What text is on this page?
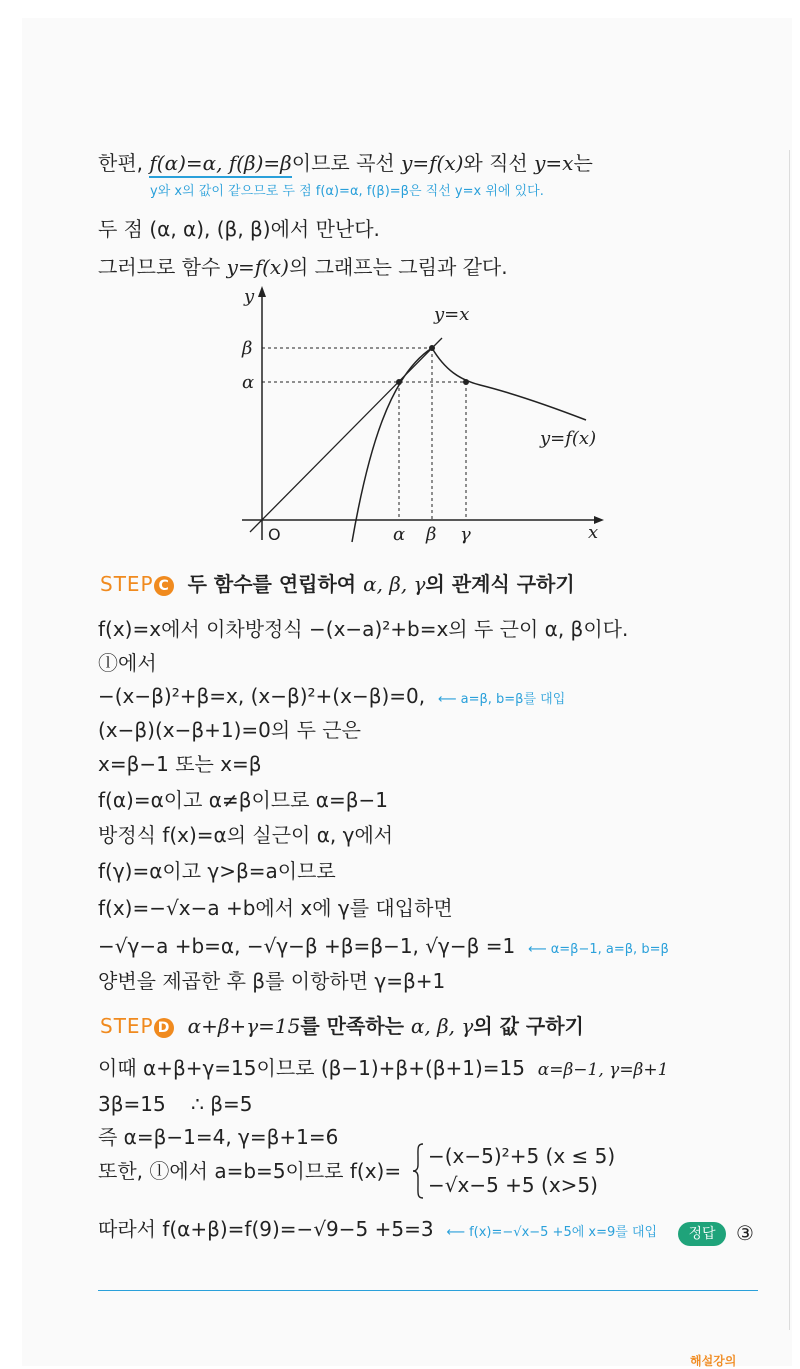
한편, f(α)=α, f(β)=β이므로 곡선 y=f(x)와 직선 y=x는
y와 x의 값이 같으므로 두 점 f(α)=α, f(β)=β은 직선 y=x 위에 있다.
두 점 (α, α), (β, β)에서 만난다.
그러므로 함수 y=f(x)의 그래프는 그림과 같다.
y
x
O
y=x
y=f(x)
β
α
α β γ
STEP C 두 함수를 연립하여 α, β, γ의 관계식 구하기
f(x)=x에서 이차방정식 −(x−a)²+b=x의 두 근이 α, β이다.
ⓛ에서
−(x−β)²+β=x, (x−β)²+(x−β)=0, ⟵ a=β, b=β를 대입
(x−β)(x−β+1)=0의 두 근은
x=β−1 또는 x=β
f(α)=α이고 α≠β이므로 α=β−1
방정식 f(x)=α의 실근이 α, γ에서
f(γ)=α이고 γ>β=a이므로
f(x)=−√x−a +b에서 x에 γ를 대입하면
−√γ−a +b=α, −√γ−β +β=β−1, √γ−β =1 ⟵ α=β−1, a=β, b=β
양변을 제곱한 후 β를 이항하면 γ=β+1
STEP D α+β+γ=15를 만족하는 α, β, γ의 값 구하기
이때 α+β+γ=15이므로 (β−1)+β+(β+1)=15 α=β−1, γ=β+1
3β=15    ∴ β=5
즉 α=β−1=4, γ=β+1=6
또한, ⓛ에서 a=b=5이므로 f(x)=
−(x−5)²+5 (x ≤ 5)
−√x−5 +5 (x>5)
따라서 f(α+β)=f(9)=−√9−5 +5=3 ⟵ f(x)=−√x−5 +5에 x=9를 대입	정답	③
해설강의
